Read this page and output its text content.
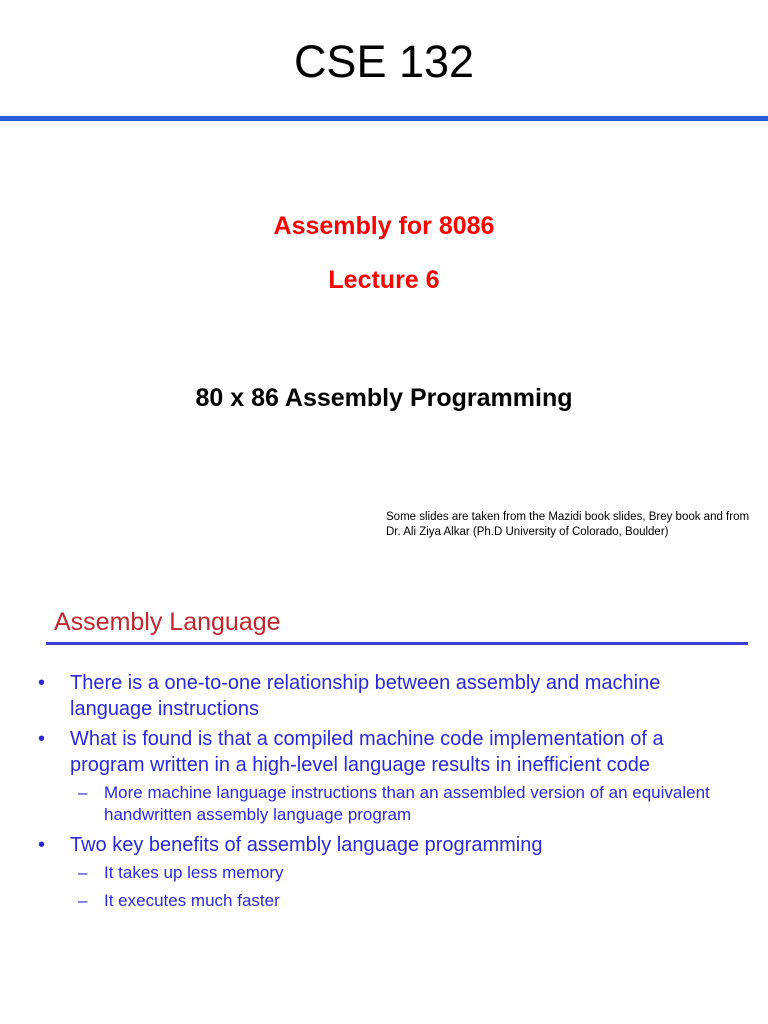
CSE 132
Assembly for 8086
Lecture 6
80 x 86 Assembly Programming
Some slides are taken from the Mazidi book slides, Brey book and from Dr. Ali Ziya Alkar (Ph.D University of Colorado, Boulder)
Assembly Language
• There is a one-to-one relationship between assembly and machine language instructions
• What is found is that a compiled machine code implementation of a program written in a high-level language results in inefficient code
– More machine language instructions than an assembled version of an equivalent handwritten assembly language program
• Two key benefits of assembly language programming
– It takes up less memory
– It executes much faster
